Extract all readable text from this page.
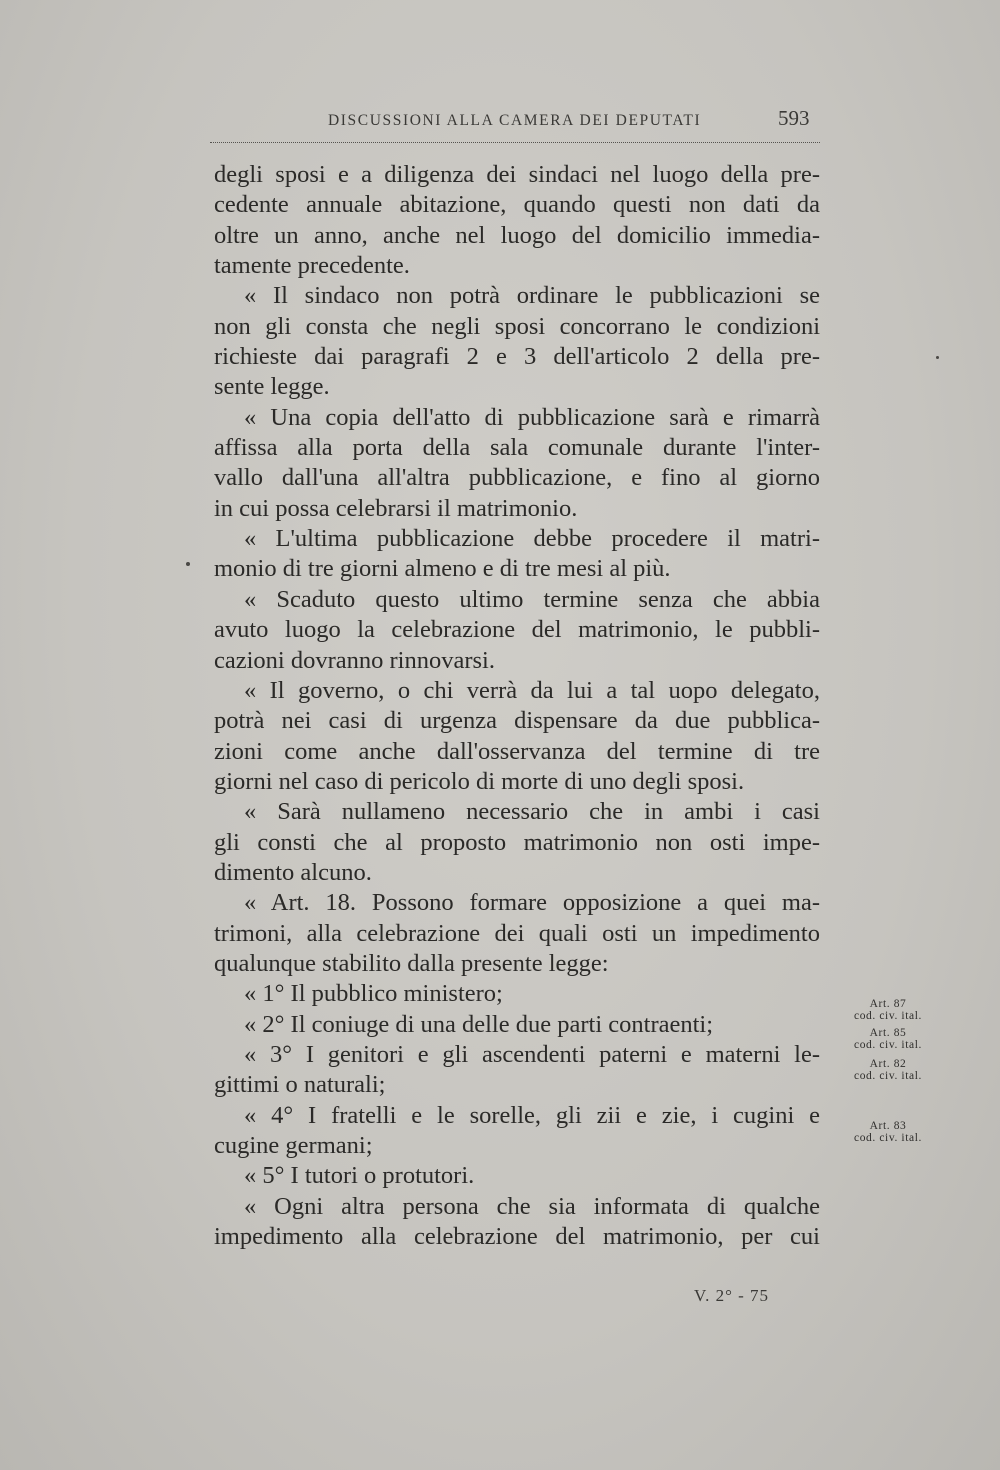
DISCUSSIONI ALLA CAMERA DEI DEPUTATI	593
degli sposi e a diligenza dei sindaci nel luogo della pre-
cedente annuale abitazione, quando questi non dati da
oltre un anno, anche nel luogo del domicilio immedia-
tamente precedente.
« Il sindaco non potrà ordinare le pubblicazioni se
non gli consta che negli sposi concorrano le condizioni
richieste dai paragrafi 2 e 3 dell'articolo 2 della pre-
sente legge.
« Una copia dell'atto di pubblicazione sarà e rimarrà
affissa alla porta della sala comunale durante l'inter-
vallo dall'una all'altra pubblicazione, e fino al giorno
in cui possa celebrarsi il matrimonio.
« L'ultima pubblicazione debbe procedere il matri-
monio di tre giorni almeno e di tre mesi al più.
« Scaduto questo ultimo termine senza che abbia
avuto luogo la celebrazione del matrimonio, le pubbli-
cazioni dovranno rinnovarsi.
« Il governo, o chi verrà da lui a tal uopo delegato,
potrà nei casi di urgenza dispensare da due pubblica-
zioni come anche dall'osservanza del termine di tre
giorni nel caso di pericolo di morte di uno degli sposi.
« Sarà nullameno necessario che in ambi i casi
gli consti che al proposto matrimonio non osti impe-
dimento alcuno.
« Art. 18. Possono formare opposizione a quei ma-
trimoni, alla celebrazione dei quali osti un impedimento
qualunque stabilito dalla presente legge:
« 1° Il pubblico ministero;
« 2° Il coniuge di una delle due parti contraenti;
« 3° I genitori e gli ascendenti paterni e materni le-
gittimi o naturali;
« 4° I fratelli e le sorelle, gli zii e zie, i cugini e
cugine germani;
« 5° I tutori o protutori.
« Ogni altra persona che sia informata di qualche
impedimento alla celebrazione del matrimonio, per cui
Art. 87
cod. civ. ital.
Art. 85
cod. civ. ital.
Art. 82
cod. civ. ital.
Art. 83
cod. civ. ital.
V. 2° - 75
